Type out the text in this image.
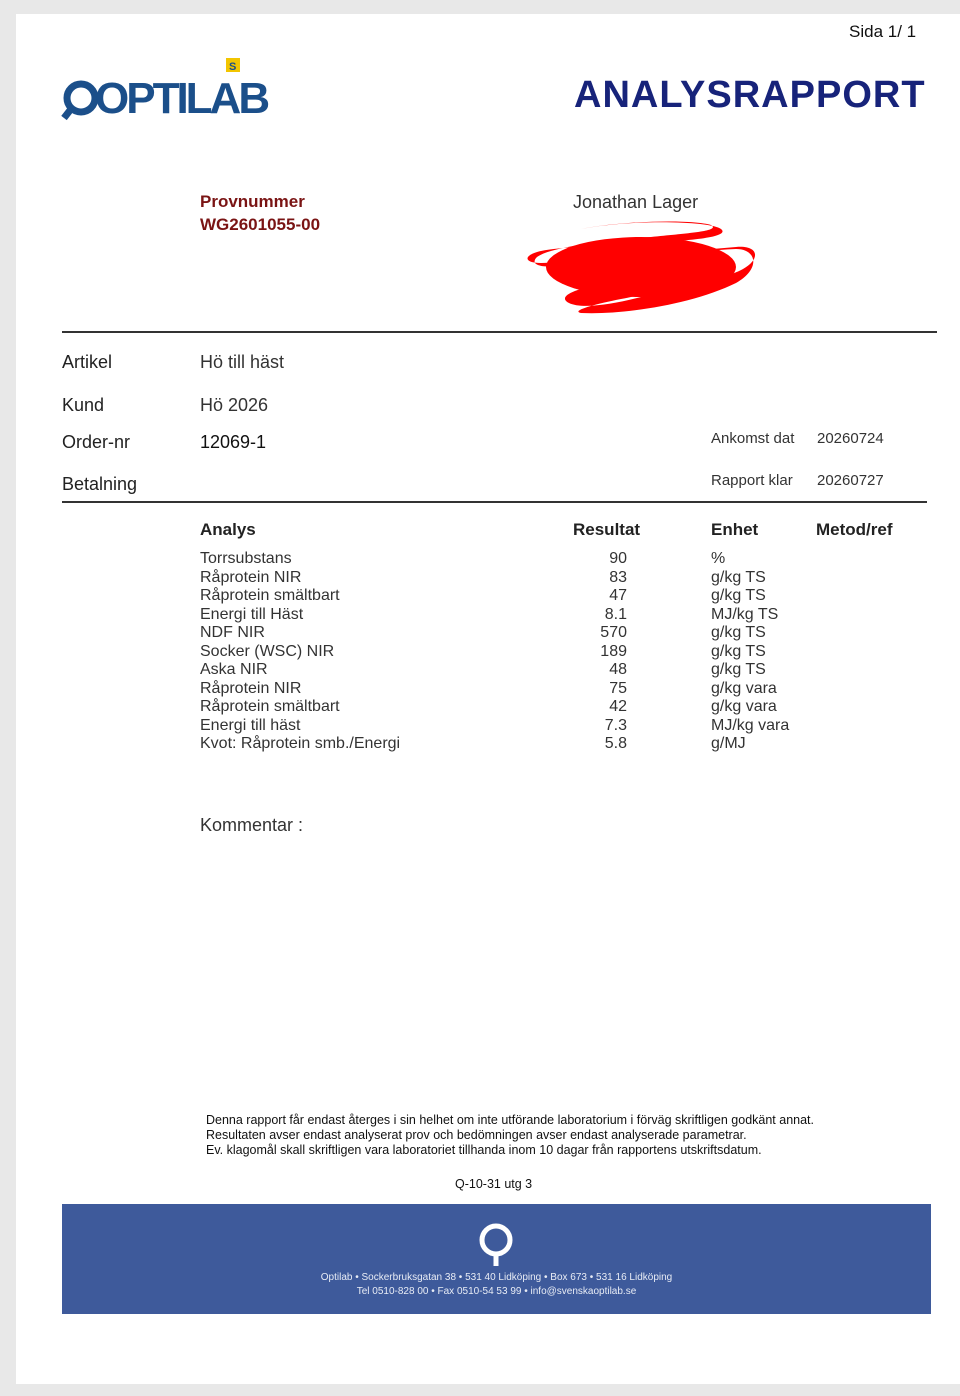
Sida 1/ 1
OPTILAB
S
ANALYSRAPPORT
Provnummer
WG2601055-00
Jonathan Lager
Artikel	Hö till häst
Kund	Hö 2026
Order-nr	12069-1
Betalning
Ankomst dat 20260724
Rapport klar 20260727
Analys	Resultat	Enhet	Metod/ref
Torrsubstans	90	%
Råprotein NIR	83	g/kg TS
Råprotein smältbart	47	g/kg TS
Energi till Häst	8.1	MJ/kg TS
NDF NIR	570	g/kg TS
Socker (WSC) NIR	189	g/kg TS
Aska NIR	48	g/kg TS
Råprotein NIR	75	g/kg vara
Råprotein smältbart	42	g/kg vara
Energi till häst	7.3	MJ/kg vara
Kvot: Råprotein smb./Energi	5.8	g/MJ
Kommentar :
Denna rapport får endast återges i sin helhet om inte utförande laboratorium i förväg skriftligen godkänt annat.
Resultaten avser endast analyserat prov och bedömningen avser endast analyserade parametrar.
Ev. klagomål skall skriftligen vara laboratoriet tillhanda inom 10 dagar från rapportens utskriftsdatum.
Q-10-31 utg 3
Optilab • Sockerbruksgatan 38 • 531 40 Lidköping • Box 673 • 531 16 Lidköping
Tel 0510-828 00 • Fax 0510-54 53 99 • info@svenskaoptilab.se
